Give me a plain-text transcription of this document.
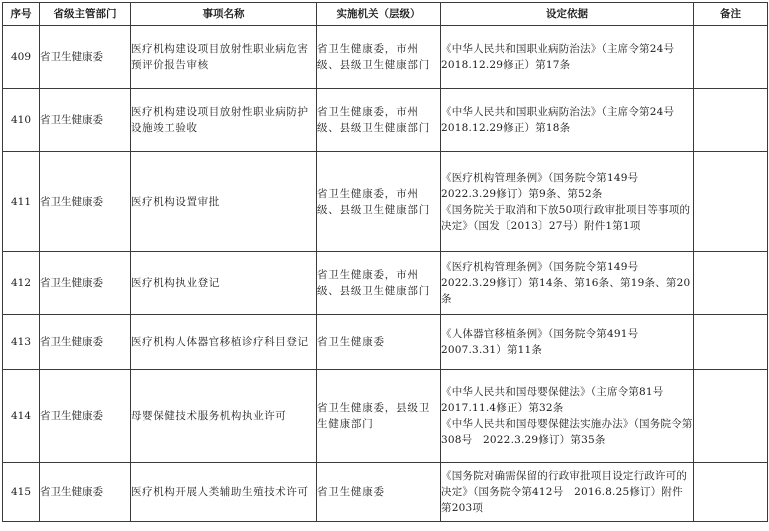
序号	省级主管部门	事项名称	实施机关（层级）	设定依据	备注
409	省卫生健康委	医疗机构建设项目放射性职业病危害预评价报告审核	省卫生健康委，市州级、县级卫生健康部门	《中华人民共和国职业病防治法》（主席令第24号　2018.12.29修正）第17条	

410	省卫生健康委	医疗机构建设项目放射性职业病防护设施竣工验收	省卫生健康委，市州级、县级卫生健康部门	《中华人民共和国职业病防治法》（主席令第24号　2018.12.29修正）第18条	

411	省卫生健康委	医疗机构设置审批	省卫生健康委，市州级、县级卫生健康部门	《医疗机构管理条例》（国务院令第149号　2022.3.29修订）第9条、第52条
《国务院关于取消和下放50项行政审批项目等事项的决定》（国发〔2013〕27号）附件1第1项	

412	省卫生健康委	医疗机构执业登记	省卫生健康委，市州级、县级卫生健康部门	《医疗机构管理条例》（国务院令第149号　2022.3.29修订）第14条、第16条、第19条、第20条	

413	省卫生健康委	医疗机构人体器官移植诊疗科目登记	省卫生健康委	《人体器官移植条例》（国务院令第491号　2007.3.31）第11条	

414	省卫生健康委	母婴保健技术服务机构执业许可	省卫生健康委，县级卫生健康部门	《中华人民共和国母婴保健法》（主席令第81号　2017.11.4修正）第32条
《中华人民共和国母婴保健法实施办法》（国务院令第308号　2022.3.29修订）第35条	

415	省卫生健康委	医疗机构开展人类辅助生殖技术许可	省卫生健康委	《国务院对确需保留的行政审批项目设定行政许可的决定》（国务院令第412号　2016.8.25修订）附件第203项	
